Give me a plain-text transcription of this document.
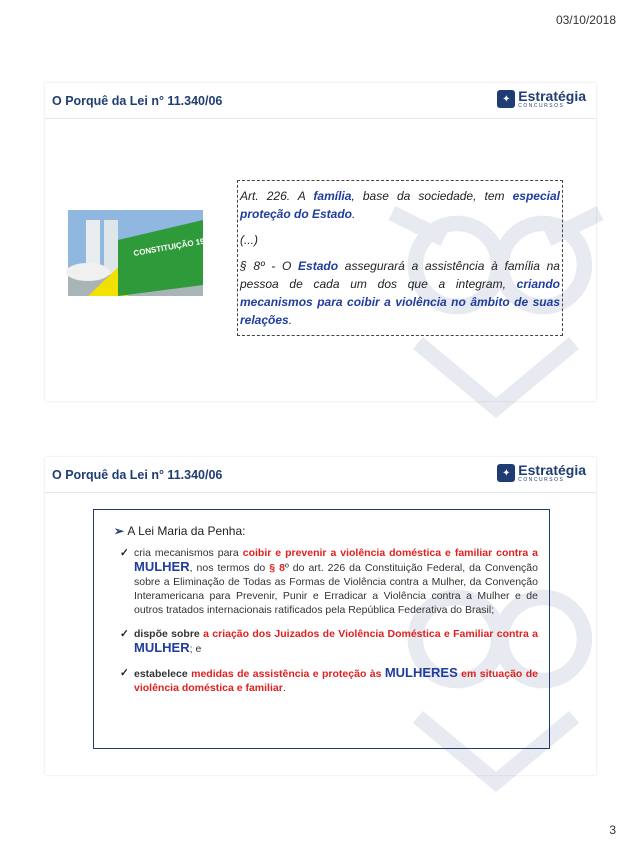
03/10/2018
O Porquê da Lei n° 11.340/06	✦ Estratégia
CONCURSOS
CONSTITUIÇÃO 1988

Art. 226. A família, base da sociedade, tem especial proteção do Estado.

(...)

§ 8º - O Estado assegurará a assistência à família na pessoa de cada um dos que a integram, criando mecanismos para coibir a violência no âmbito de suas relações.

O Porquê da Lei n° 11.340/06	✦ Estratégia
CONCURSOS
➢ A Lei Maria da Penha:
✓ cria mecanismos para coibir e prevenir a violência doméstica e familiar contra a MULHER, nos termos do § 8º do art. 226 da Constituição Federal, da Convenção sobre a Eliminação de Todas as Formas de Violência contra a Mulher, da Convenção Interamericana para Prevenir, Punir e Erradicar a Violência contra a Mulher e de outros tratados internacionais ratificados pela República Federativa do Brasil;
✓ dispõe sobre a criação dos Juizados de Violência Doméstica e Familiar contra a MULHER; e
✓ estabelece medidas de assistência e proteção às MULHERES em situação de violência doméstica e familiar.
3
